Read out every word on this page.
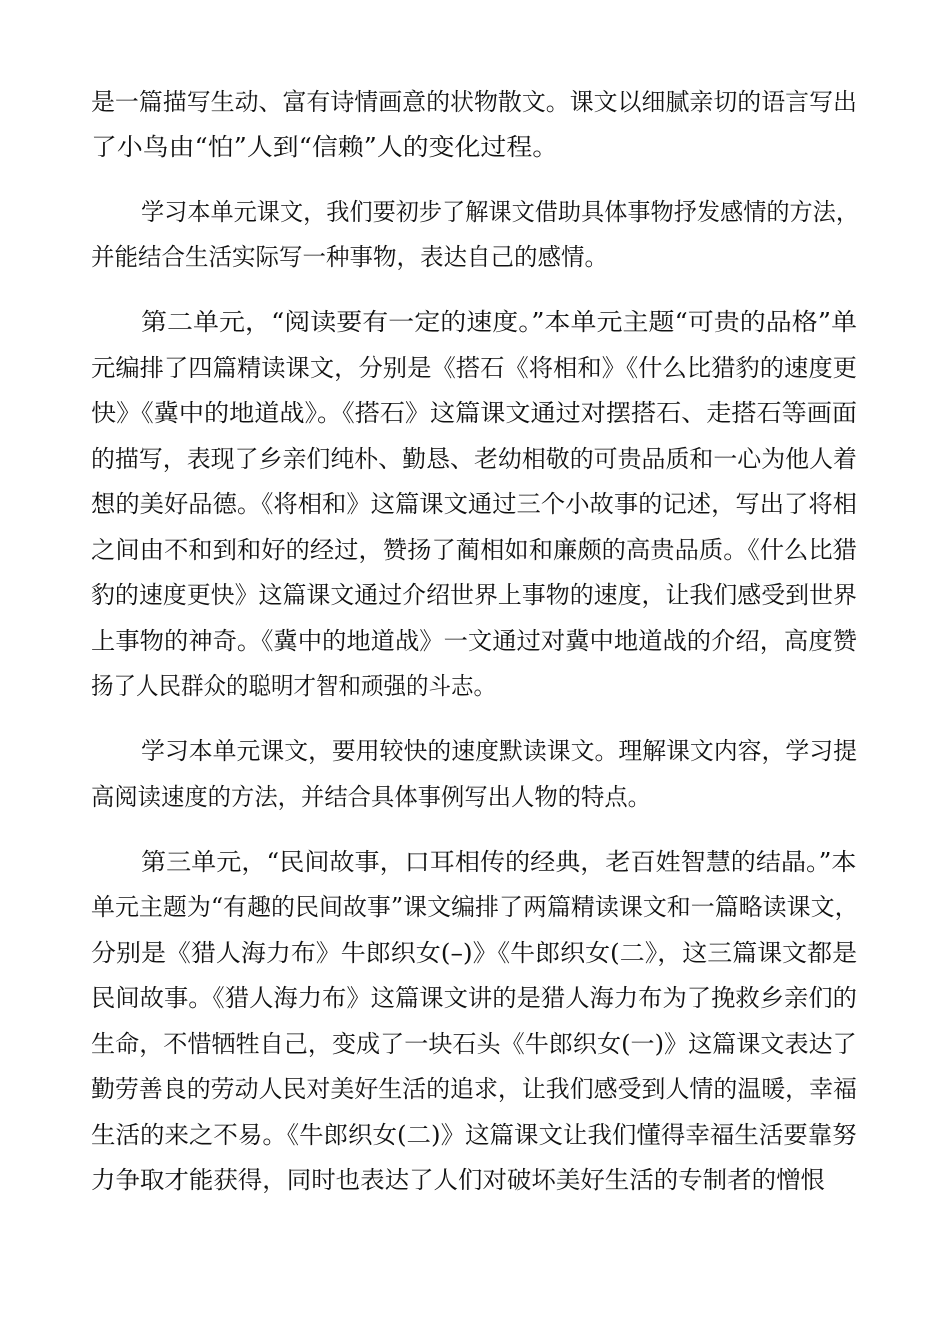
是一篇描写生动、富有诗情画意的状物散文。课文以细腻亲切的语言写出
了小鸟由“怕”人到“信赖”人的变化过程。
学习本单元课文，我们要初步了解课文借助具体事物抒发感情的方法，
并能结合生活实际写一种事物，表达自己的感情。
第二单元，“阅读要有一定的速度。”本单元主题“可贵的品格”单
元编排了四篇精读课文，分别是《搭石《将相和》《什么比猎豹的速度更
快》《冀中的地道战》。《搭石》这篇课文通过对摆搭石、走搭石等画面
的描写，表现了乡亲们纯朴、勤恳、老幼相敬的可贵品质和一心为他人着
想的美好品德。《将相和》这篇课文通过三个小故事的记述，写出了将相
之间由不和到和好的经过，赞扬了蔺相如和廉颇的高贵品质。《什么比猎
豹的速度更快》这篇课文通过介绍世界上事物的速度，让我们感受到世界
上事物的神奇。《冀中的地道战》一文通过对冀中地道战的介绍，高度赞
扬了人民群众的聪明才智和顽强的斗志。
学习本单元课文，要用较快的速度默读课文。理解课文内容，学习提
高阅读速度的方法，并结合具体事例写出人物的特点。
第三单元，“民间故事，口耳相传的经典，老百姓智慧的结晶。”本
单元主题为“有趣的民间故事”课文编排了两篇精读课文和一篇略读课文，
分别是《猎人海力布》牛郎织女(–)》《牛郎织女(二》，这三篇课文都是
民间故事。《猎人海力布》这篇课文讲的是猎人海力布为了挽救乡亲们的
生命，不惜牺牲自己，变成了一块石头《牛郎织女(一)》这篇课文表达了
勤劳善良的劳动人民对美好生活的追求，让我们感受到人情的温暖，幸福
生活的来之不易。《牛郎织女(二)》这篇课文让我们懂得幸福生活要靠努
力争取才能获得，同时也表达了人们对破坏美好生活的专制者的憎恨
